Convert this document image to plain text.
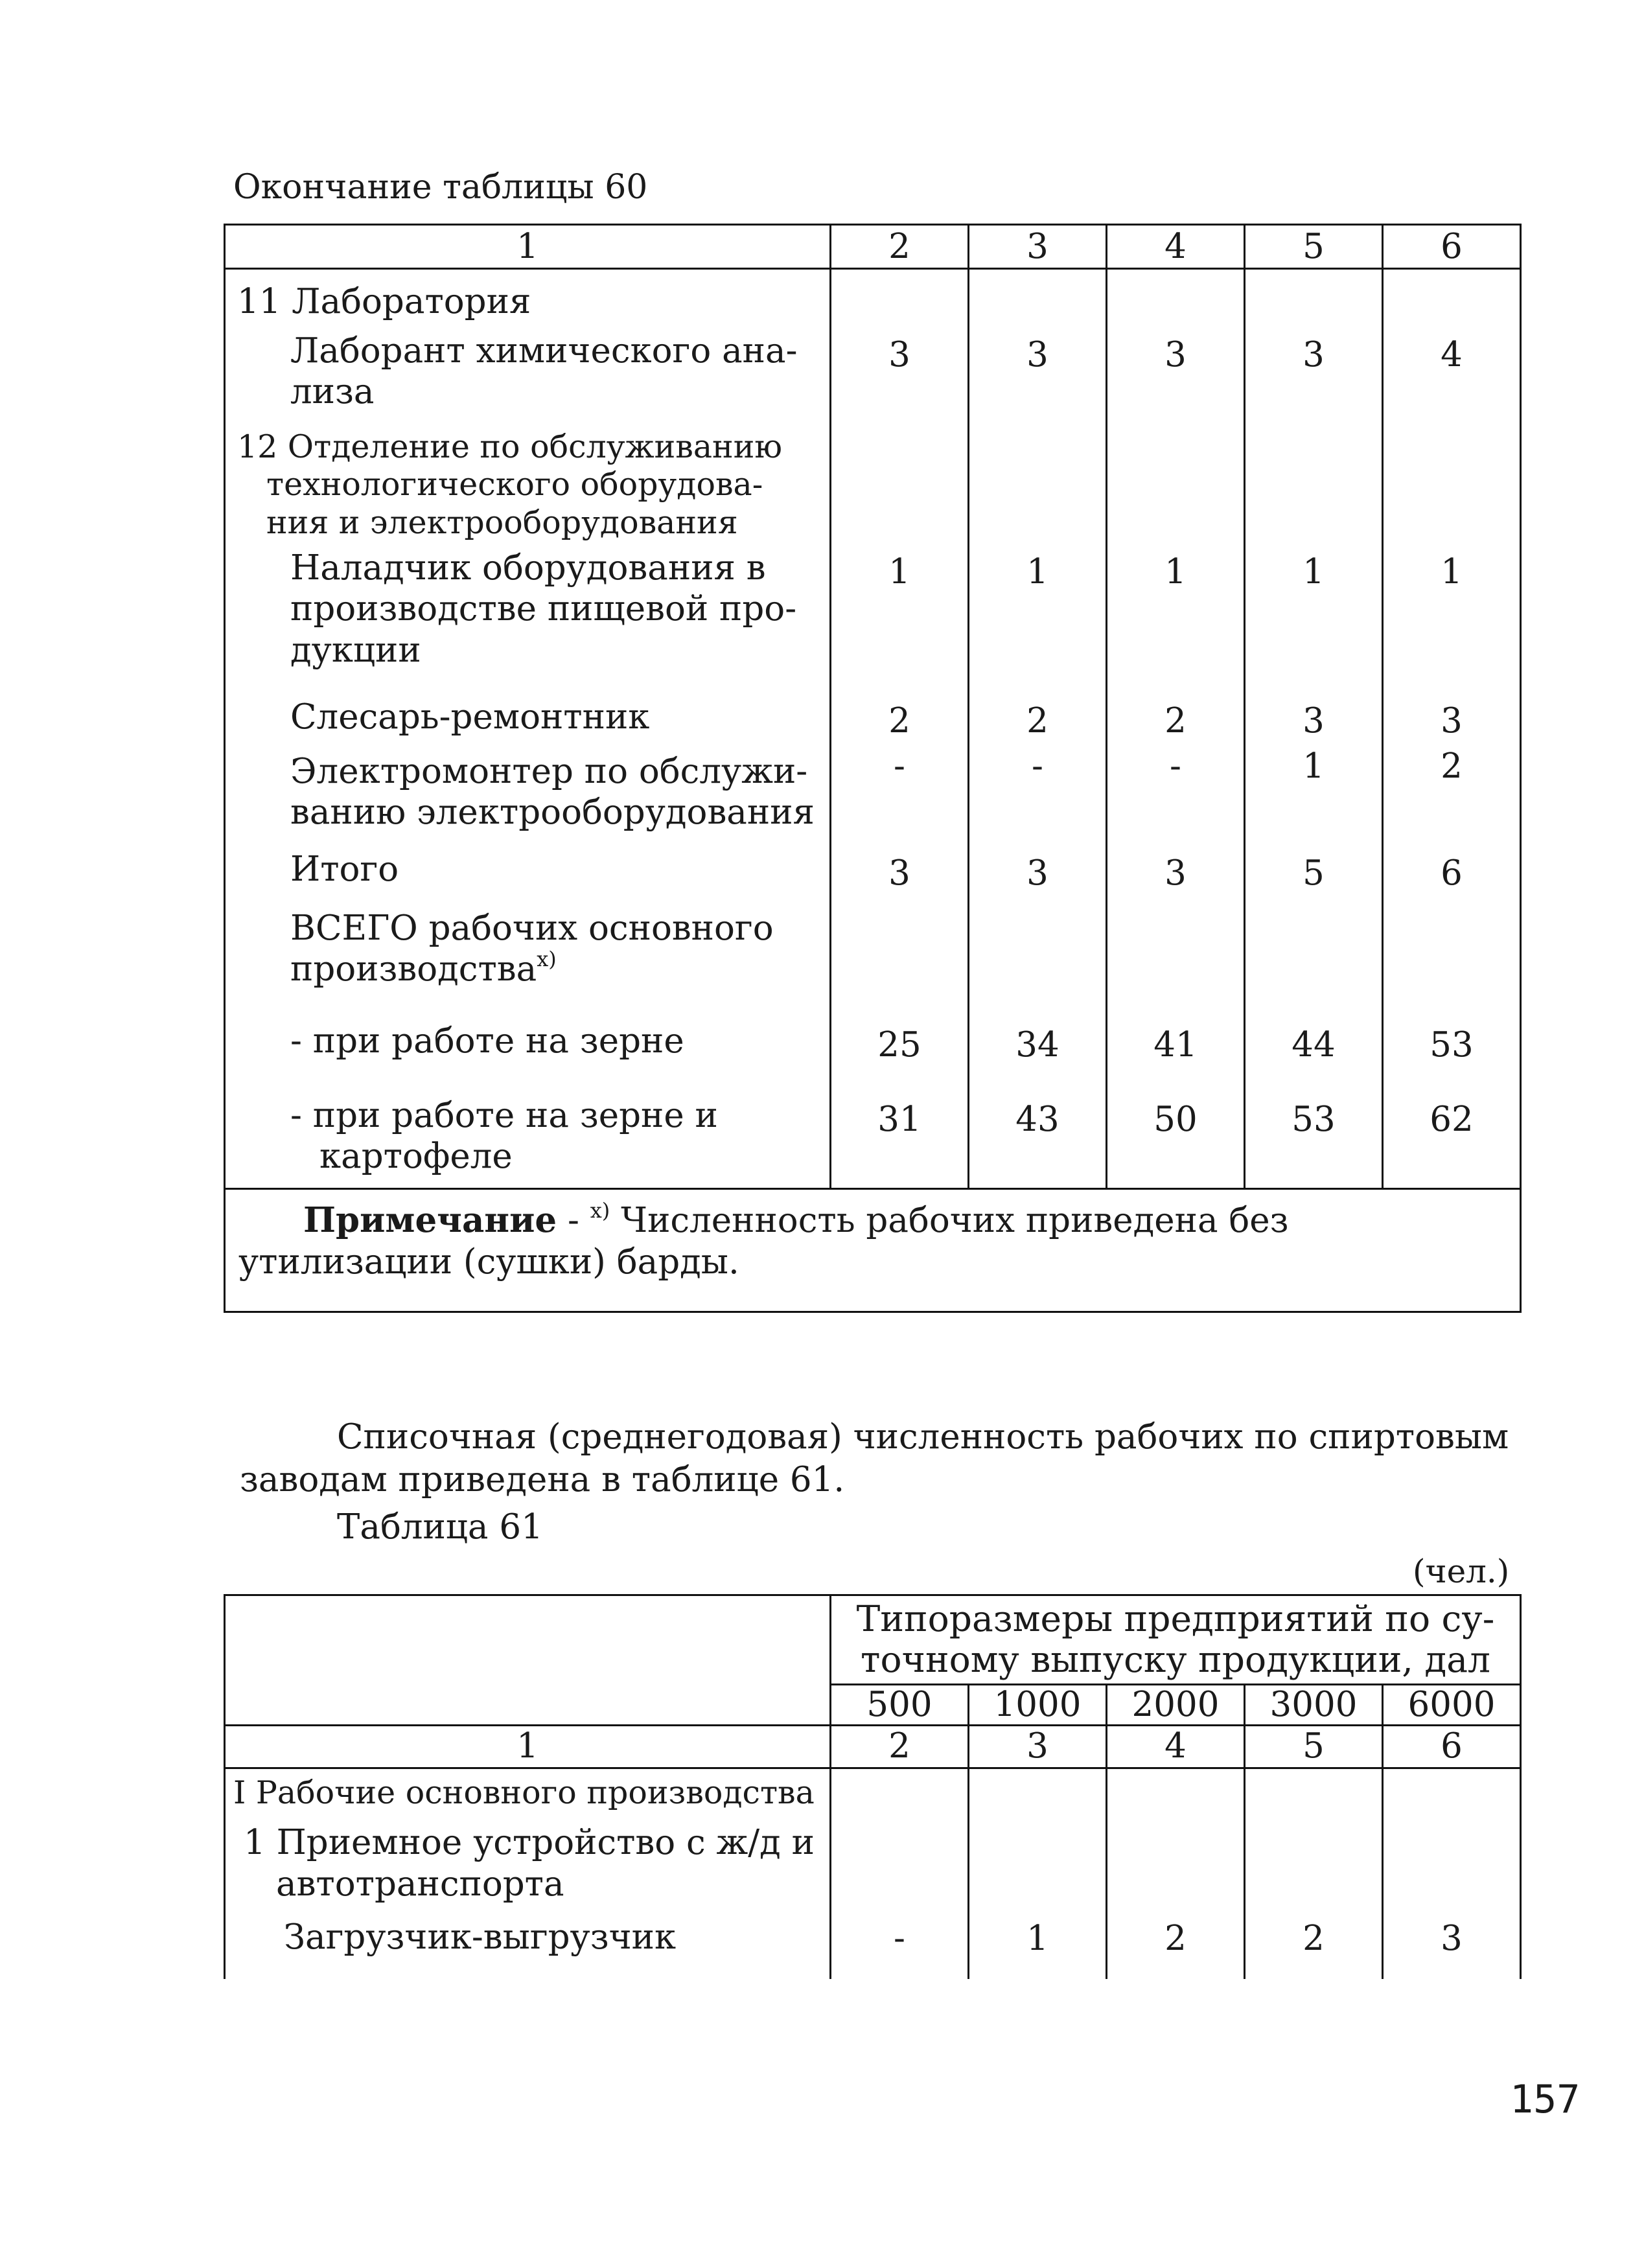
Окончание таблицы 60
1	2	3	4	5	6
11 Лаборатория					
Лаборант химического ана-лиза	3	3	3	3	4

12 Отделение по обслуживанию технологического оборудова-ния и электрооборудования					

Наладчик оборудования в производстве пищевой про-дукции	1	1	1	1	1
Слесарь-ремонтник	2	2	2	3	3
Электромонтер по обслужи-ванию электрооборудования	-	-	-	1	2
Итого	3	3	3	5	6
ВСЕГО рабочих основного производства$^{х)}$					
- при работе на зерне	25	34	41	44	53

- при работе на зерне и картофеле	31	43	50	53	62

Примечание - $^{х)}$ Численность рабочих приведена без утилизации (сушки) барды.					
Списочная (среднегодовая) численность рабочих по спиртовым заводам приведена в таблице 61.
Таблица 61
(чел.)
	Типоразмеры предприятий по су-точному выпуску продукции, дал				
	500	1000	2000	3000	6000
1	2	3	4	5	6
I Рабочие основного производства					

1 Приемное устройство с ж/д и автотранспорта					

Загрузчик-выгрузчик	-	1	2	2	3
157
